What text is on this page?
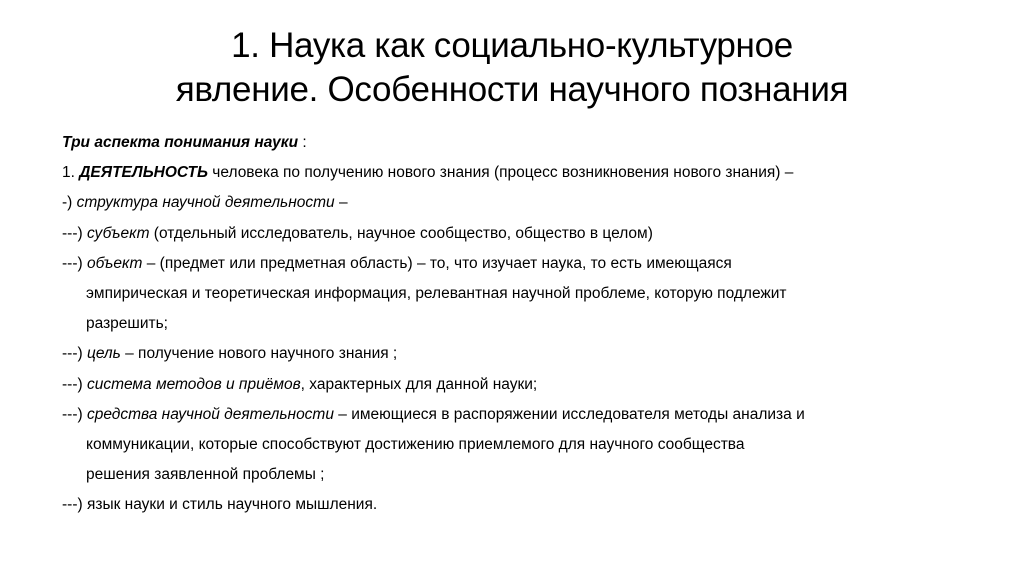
1. Наука как социально-культурное
явление. Особенности научного познания
Три аспекта понимания науки :
1. ДЕЯТЕЛЬНОСТЬ человека по получению нового знания (процесс возникновения нового знания) –
-) структура научной деятельности –
---) субъект (отдельный исследователь, научное сообщество, общество в целом)
---) объект – (предмет или предметная область) – то, что изучает наука, то есть имеющаяся
эмпирическая и теоретическая информация, релевантная научной проблеме, которую подлежит
разрешить;
---) цель – получение нового научного знания ;
---) система методов и приёмов, характерных для данной науки;
---) средства научной деятельности – имеющиеся в распоряжении исследователя методы анализа и
коммуникации, которые способствуют достижению приемлемого для научного сообщества
решения заявленной проблемы ;
---) язык науки и стиль научного мышления.
